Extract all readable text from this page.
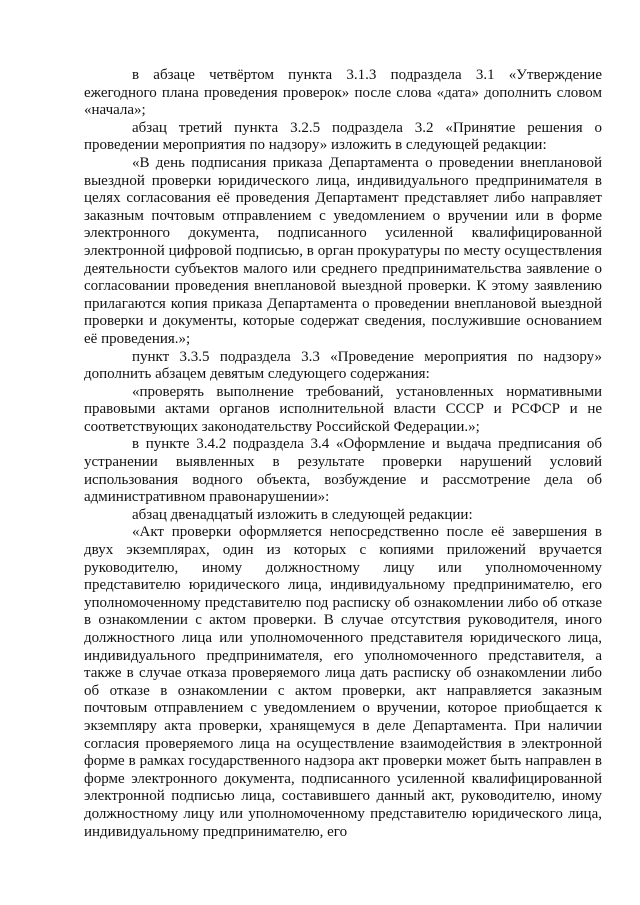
в абзаце четвёртом пункта 3.1.3 подраздела 3.1 «Утверждение ежегодного плана проведения проверок» после слова «дата» дополнить словом «начала»;

абзац третий пункта 3.2.5 подраздела 3.2 «Принятие решения о проведении мероприятия по надзору» изложить в следующей редакции:

«В день подписания приказа Департамента о проведении внеплановой выездной проверки юридического лица, индивидуального предпринимателя в целях согласования её проведения Департамент представляет либо направляет заказным почтовым отправлением с уведомлением о вручении или в форме электронного документа, подписанного усиленной квалифицированной электронной цифровой подписью, в орган прокуратуры по месту осуществления деятельности субъектов малого или среднего предпринимательства заявление о согласовании проведения внеплановой выездной проверки. К этому заявлению прилагаются копия приказа Департамента о проведении внеплановой выездной проверки и документы, которые содержат сведения, послужившие основанием её проведения.»;

пункт 3.3.5 подраздела 3.3 «Проведение мероприятия по надзору» дополнить абзацем девятым следующего содержания:

«проверять выполнение требований, установленных нормативными правовыми актами органов исполнительной власти СССР и РСФСР и не соответствующих законодательству Российской Федерации.»;

в пункте 3.4.2 подраздела 3.4 «Оформление и выдача предписания об устранении выявленных в результате проверки нарушений условий использования водного объекта, возбуждение и рассмотрение дела об административном правонарушении»:

абзац двенадцатый изложить в следующей редакции:

«Акт проверки оформляется непосредственно после её завершения в двух экземплярах, один из которых с копиями приложений вручается руководителю, иному должностному лицу или уполномоченному представителю юридического лица, индивидуальному предпринимателю, его уполномоченному представителю под расписку об ознакомлении либо об отказе в ознакомлении с актом проверки. В случае отсутствия руководителя, иного должностного лица или уполномоченного представителя юридического лица, индивидуального предпринимателя, его уполномоченного представителя, а также в случае отказа проверяемого лица дать расписку об ознакомлении либо об отказе в ознакомлении с актом проверки, акт направляется заказным почтовым отправлением с уведомлением о вручении, которое приобщается к экземпляру акта проверки, хранящемуся в деле Департамента. При наличии согласия проверяемого лица на осуществление взаимодействия в электронной форме в рамках государственного надзора акт проверки может быть направлен в форме электронного документа, подписанного усиленной квалифицированной электронной подписью лица, составившего данный акт, руководителю, иному должностному лицу или уполномоченному представителю юридического лица, индивидуальному предпринимателю, его
